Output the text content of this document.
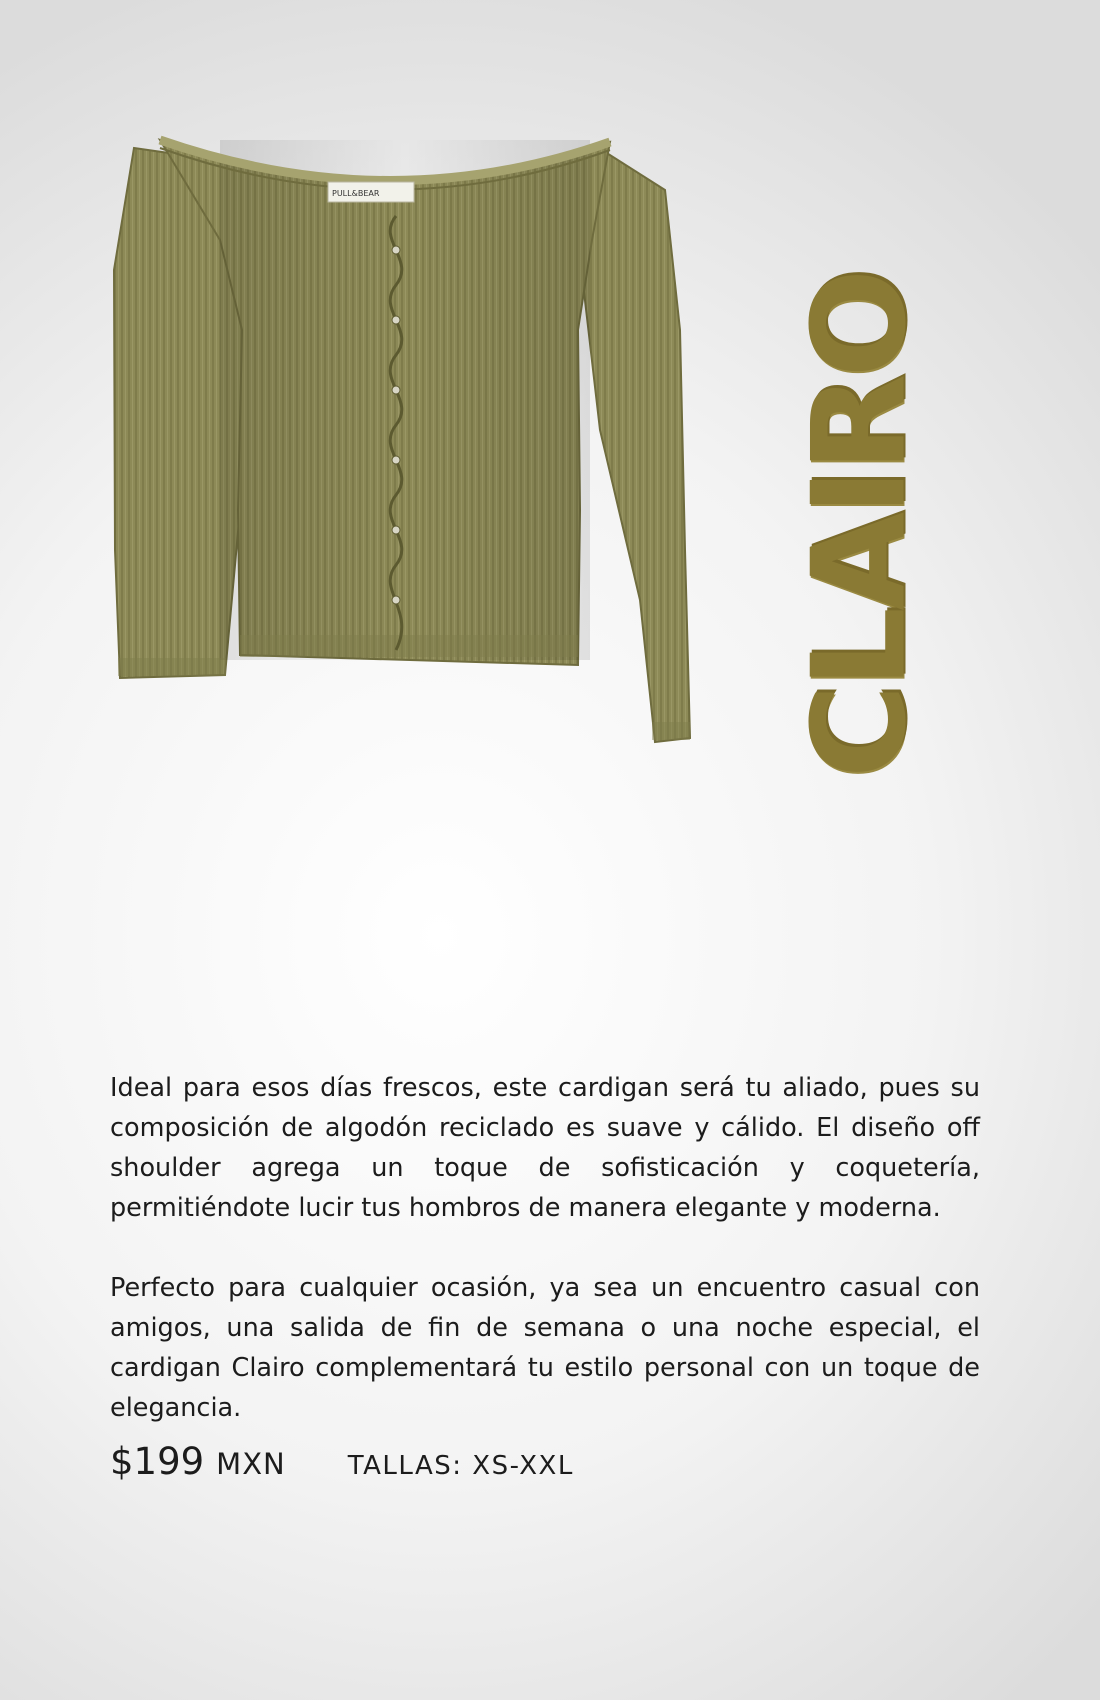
PULL&BEAR
CLAIRO

Ideal para esos días frescos, este cardigan será tu aliado, pues su composición de algodón reciclado es suave y cálido. El diseño off shoulder agrega un toque de sofisticación y coquetería, permitiéndote lucir tus hombros de manera elegante y moderna.

Perfecto para cualquier ocasión, ya sea un encuentro casual con amigos, una salida de fin de semana o una noche especial, el cardigan Clairo complementará tu estilo personal con un toque de elegancia.

$199 MXN TALLAS: XS-XXL
